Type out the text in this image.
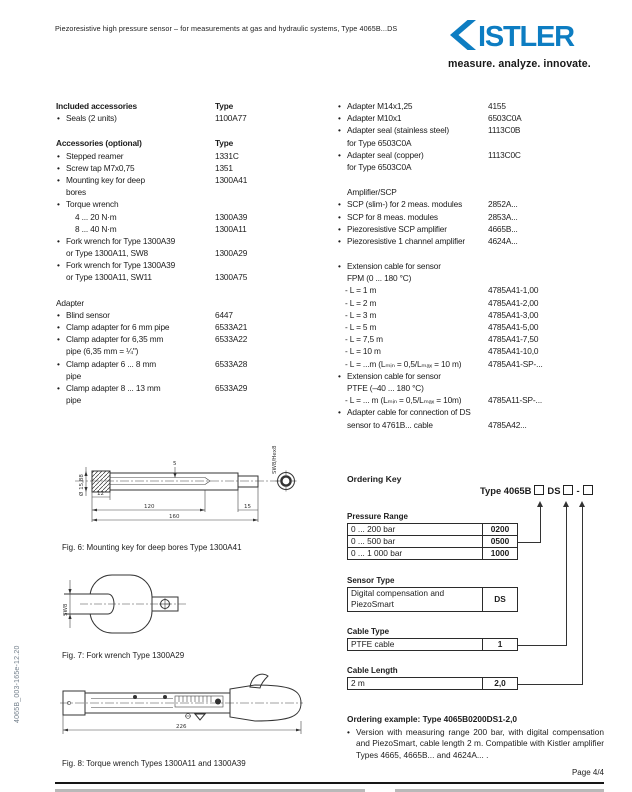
Piezoresistive high pressure sensor – for measurements at gas and hydraulic systems, Type 4065B...DS	ISTLER
measure. analyze. innovate.
Included accessories	Type
• Seals (2 units)	1100A77
Accessories (optional)	Type
• Stepped reamer	1331C
• Screw tap M7x0,75	1351
• Mounting key for deep	1300A41
bores
• Torque wrench
4 ... 20 N·m	1300A39
8 ... 40 N·m	1300A11
• Fork wrench for Type 1300A39
or Type 1300A11, SW8	1300A29
• Fork wrench for Type 1300A39
or Type 1300A11, SW11	1300A75
Adapter
• Blind sensor	6447
• Clamp adapter for 6 mm pipe	6533A21
• Clamp adapter for 6,35 mm	6533A22
pipe (6,35 mm = ¼")
• Clamp adapter 6 ... 8 mm	6533A28
pipe
• Clamp adapter 8 ... 13 mm	6533A29
pipe
• Adapter M14x1,25	4155
• Adapter M10x1	6503C0A
• Adapter seal (stainless steel)	1113C0B
for Type 6503C0A
• Adapter seal (copper)	1113C0C
for Type 6503C0A
Amplifier/SCP
• SCP (slim-) for 2 meas. modules	2852A...
• SCP for 8 meas. modules	2853A...
• Piezoresistive SCP amplifier	4665B...
• Piezoresistive 1 channel amplifier	4624A...
• Extension cable for sensor
FPM (0 ... 180 °C)
- L = 1 m	4785A41-1,00
- L = 2 m	4785A41-2,00
- L = 3 m	4785A41-3,00
- L = 5 m	4785A41-5,00
- L = 7,5 m	4785A41-7,50
- L = 10 m	4785A41-10,0
- L = ...m (Lₘᵢₙ = 0,5/Lₘₐₓ = 10 m)	4785A41-SP-...
• Extension cable for sensor
PTFE (–40 ... 180 °C)
- L = ... m (Lₘᵢₙ = 0,5/Lₘₐₓ = 10m)	4785A11-SP-...
• Adapter cable for connection of DS
sensor to 4761B... cable	4785A42...
Ø 15,88
5
12
120	15
160
SW8/Hex8
Fig. 6: Mounting key for deep bores Type 1300A41
SW8
Fig. 7: Fork wrench Type 1300A29
226
Fig. 8: Torque wrench Types 1300A11 and 1300A39
4065B_003-165e-12.20
Ordering Key
Type 4065B DS -
Pressure Range
0 ... 200 bar	0200
0 ... 500 bar	0500
0 ... 1 000 bar	1000
Sensor Type
Digital compensation and
PiezoSmart	DS
Cable Type
PTFE cable	1
Cable Length
2 m	2,0
Ordering example: Type 4065B0200DS1-2,0
• Version with measuring range 200 bar, with digital compensation and PiezoSmart, cable length 2 m. Compatible with Kistler amplifier Types 4665, 4665B... and 4624A... .
Page 4/4
